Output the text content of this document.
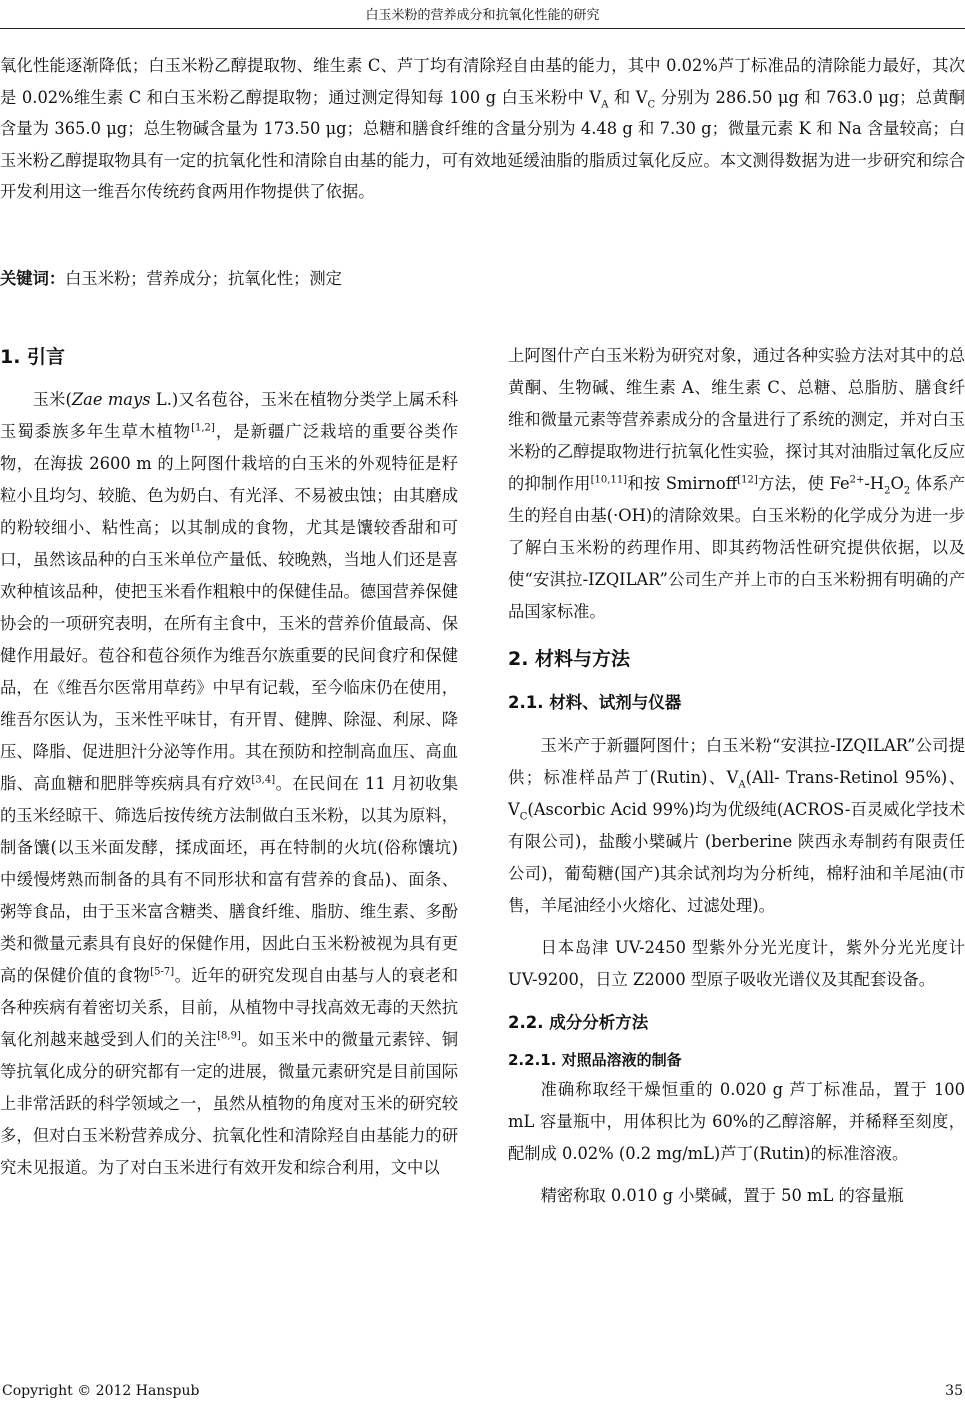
白玉米粉的营养成分和抗氧化性能的研究
氧化性能逐渐降低；白玉米粉乙醇提取物、维生素 C、芦丁均有清除羟自由基的能力，其中 0.02%芦丁标准品的清除能力最好，其次是 0.02%维生素 C 和白玉米粉乙醇提取物；通过测定得知每 100 g 白玉米粉中 $V_A$ 和 $V_C$ 分别为 286.50 μg 和 763.0 μg；总黄酮含量为 365.0 μg；总生物碱含量为 173.50 μg；总糖和膳食纤维的含量分别为 4.48 g 和 7.30 g；微量元素 K 和 Na 含量较高；白玉米粉乙醇提取物具有一定的抗氧化性和清除自由基的能力，可有效地延缓油脂的脂质过氧化反应。本文测得数据为进一步研究和综合开发利用这一维吾尔传统药食两用作物提供了依据。
关键词：白玉米粉；营养成分；抗氧化性；测定
1. 引言

玉米(Zae mays L.)又名苞谷，玉米在植物分类学上属禾科玉蜀黍族多年生草木植物[1,2]，是新疆广泛栽培的重要谷类作物，在海拔 2600 m 的上阿图什栽培的白玉米的外观特征是籽粒小且均匀、较脆、色为奶白、有光泽、不易被虫蚀；由其磨成的粉较细小、粘性高；以其制成的食物，尤其是馕较香甜和可口，虽然该品种的白玉米单位产量低、较晚熟，当地人们还是喜欢种植该品种，使把玉米看作粗粮中的保健佳品。德国营养保健协会的一项研究表明，在所有主食中，玉米的营养价值最高、保健作用最好。苞谷和苞谷须作为维吾尔族重要的民间食疗和保健品，在《维吾尔医常用草药》中早有记载，至今临床仍在使用，维吾尔医认为，玉米性平味甘，有开胃、健脾、除湿、利尿、降压、降脂、促进胆汁分泌等作用。其在预防和控制高血压、高血脂、高血糖和肥胖等疾病具有疗效[3,4]。在民间在 11 月初收集的玉米经晾干、筛选后按传统方法制做白玉米粉，以其为原料，制备馕(以玉米面发酵，揉成面坯，再在特制的火坑(俗称馕坑)中缓慢烤熟而制备的具有不同形状和富有营养的食品)、面条、粥等食品，由于玉米富含糖类、膳食纤维、脂肪、维生素、多酚类和微量元素具有良好的保健作用，因此白玉米粉被视为具有更高的保健价值的食物[5-7]。近年的研究发现自由基与人的衰老和各种疾病有着密切关系，目前，从植物中寻找高效无毒的天然抗氧化剂越来越受到人们的关注[8,9]。如玉米中的微量元素锌、铜等抗氧化成分的研究都有一定的进展，微量元素研究是目前国际上非常活跃的科学领域之一，虽然从植物的角度对玉米的研究较多，但对白玉米粉营养成分、抗氧化性和清除羟自由基能力的研究未见报道。为了对白玉米进行有效开发和综合利用，文中以

上阿图什产白玉米粉为研究对象，通过各种实验方法对其中的总黄酮、生物碱、维生素 A、维生素 C、总糖、总脂肪、膳食纤维和微量元素等营养素成分的含量进行了系统的测定，并对白玉米粉的乙醇提取物进行抗氧化性实验，探讨其对油脂过氧化反应的抑制作用[10,11]和按 Smirnoff[12]方法，使 $Fe^{2+}-H_2O_2$ 体系产生的羟自由基(·OH)的清除效果。白玉米粉的化学成分为进一步了解白玉米粉的药理作用、即其药物活性研究提供依据，以及使“安淇拉-IZQILAR”公司生产并上市的白玉米粉拥有明确的产品国家标准。

2. 材料与方法
2.1. 材料、试剂与仪器

玉米产于新疆阿图什；白玉米粉“安淇拉-IZQILAR”公司提供；标准样品芦丁(Rutin)、$V_A(All-$ Trans-Retinol 95%)、$V_C(Ascorbic$ Acid 99%)均为优级纯(ACROS-百灵威化学技术有限公司)，盐酸小檗碱片 (berberine 陕西永寿制药有限责任公司)，葡萄糖(国产)其余试剂均为分析纯，棉籽油和羊尾油(市售，羊尾油经小火熔化、过滤处理)。

日本岛津 UV-2450 型紫外分光光度计，紫外分光光度计 UV-9200，日立 Z2000 型原子吸收光谱仪及其配套设备。

2.2. 成分分析方法
2.2.1. 对照品溶液的制备

准确称取经干燥恒重的 0.020 g 芦丁标准品，置于 100 mL 容量瓶中，用体积比为 60%的乙醇溶解，并稀释至刻度，配制成 0.02% (0.2 mg/mL)芦丁(Rutin)的标准溶液。

精密称取 0.010 g 小檗碱，置于 50 mL 的容量瓶

Copyright © 2012 Hanspub	35
